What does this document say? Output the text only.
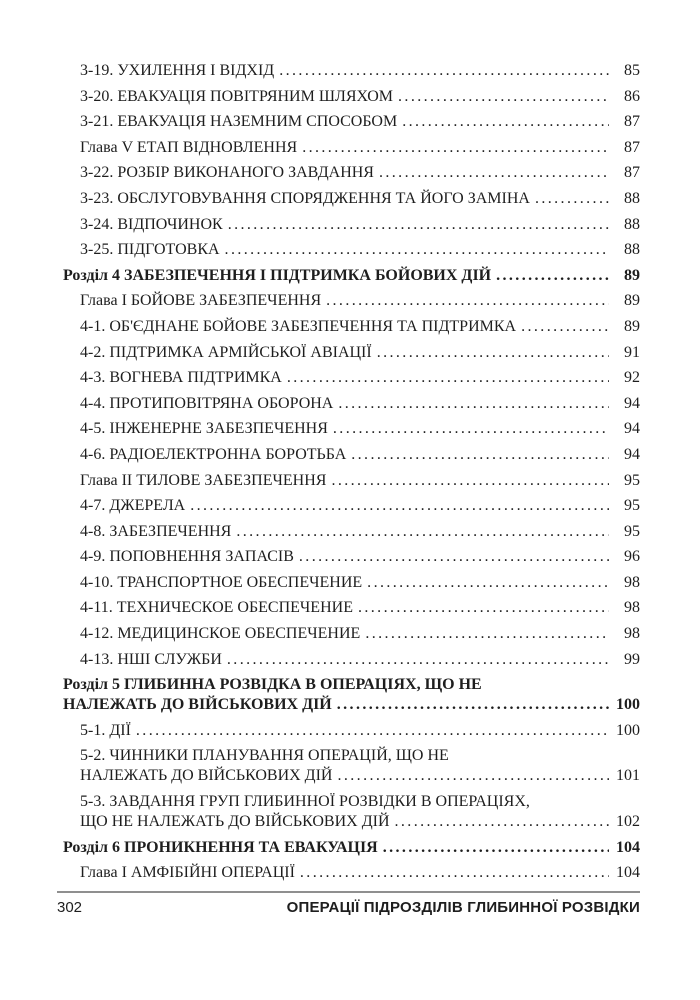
3-19. УХИЛЕННЯ І ВІДХІД .....	85
3-20. ЕВАКУАЦІЯ ПОВІТРЯНИМ ШЛЯХОМ .....	86
3-21. ЕВАКУАЦІЯ НАЗЕМНИМ СПОСОБОМ .....	87
Глава V ЕТАП ВІДНОВЛЕННЯ .....	87
3-22. РОЗБІР ВИКОНАНОГО ЗАВДАННЯ .....	87
3-23. ОБСЛУГОВУВАННЯ СПОРЯДЖЕННЯ ТА ЙОГО ЗАМІНА .....	88
3-24. ВІДПОЧИНОК .....	88
3-25. ПІДГОТОВКА .....	88
Розділ 4 ЗАБЕЗПЕЧЕННЯ І ПІДТРИМКА БОЙОВИХ ДІЙ .....	89
Глава I БОЙОВЕ ЗАБЕЗПЕЧЕННЯ .....	89
4-1. ОБ'ЄДНАНЕ БОЙОВЕ ЗАБЕЗПЕЧЕННЯ ТА ПІДТРИМКА .....	89
4-2. ПІДТРИМКА АРМІЙСЬКОЇ АВІАЦІЇ .....	91
4-3. ВОГНЕВА ПІДТРИМКА .....	92
4-4. ПРОТИПОВІТРЯНА ОБОРОНА .....	94
4-5. ІНЖЕНЕРНЕ ЗАБЕЗПЕЧЕННЯ .....	94
4-6. РАДІОЕЛЕКТРОННА БОРОТЬБА .....	94
Глава II ТИЛОВЕ ЗАБЕЗПЕЧЕННЯ .....	95
4-7. ДЖЕРЕЛА .....	95
4-8. ЗАБЕЗПЕЧЕННЯ .....	95
4-9. ПОПОВНЕННЯ ЗАПАСІВ .....	96
4-10. ТРАНСПОРТНОЕ ОБЕСПЕЧЕНИЕ .....	98
4-11. ТЕХНИЧЕСКОЕ ОБЕСПЕЧЕНИЕ .....	98
4-12. МЕДИЦИНСКОЕ ОБЕСПЕЧЕНИЕ .....	98
4-13. НШІ СЛУЖБИ .....	99
Розділ 5 ГЛИБИННА РОЗВІДКА В ОПЕРАЦІЯХ, ЩО НЕ
НАЛЕЖАТЬ ДО ВІЙСЬКОВИХ ДІЙ .....	100
5-1. ДІЇ .....	100
5-2. ЧИННИКИ ПЛАНУВАННЯ ОПЕРАЦІЙ, ЩО НЕ
НАЛЕЖАТЬ ДО ВІЙСЬКОВИХ ДІЙ .....	101
5-3. ЗАВДАННЯ ГРУП ГЛИБИННОЇ РОЗВІДКИ В ОПЕРАЦІЯХ,
ЩО НЕ НАЛЕЖАТЬ ДО ВІЙСЬКОВИХ ДІЙ .....	102
Розділ 6 ПРОНИКНЕННЯ ТА ЕВАКУАЦІЯ .....	104
Глава I АМФІБІЙНІ ОПЕРАЦІЇ .....	104
302	ОПЕРАЦІЇ ПІДРОЗДІЛІВ ГЛИБИННОЇ РОЗВІДКИ
